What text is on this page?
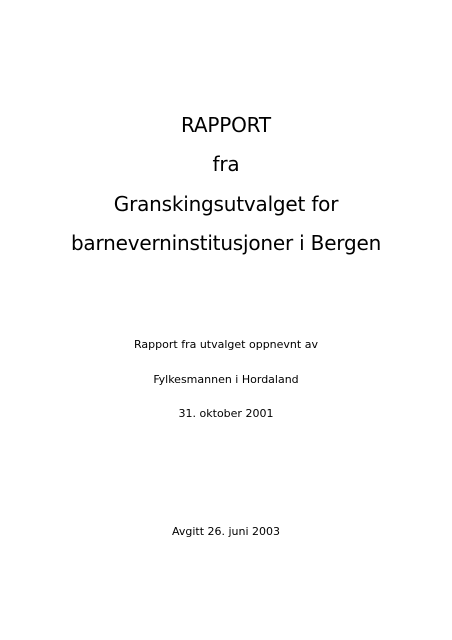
RAPPORT
fra
Granskingsutvalget for
barneverninstitusjoner i Bergen

Rapport fra utvalget oppnevnt av

Fylkesmannen i Hordaland

31. oktober 2001

Avgitt 26. juni 2003
